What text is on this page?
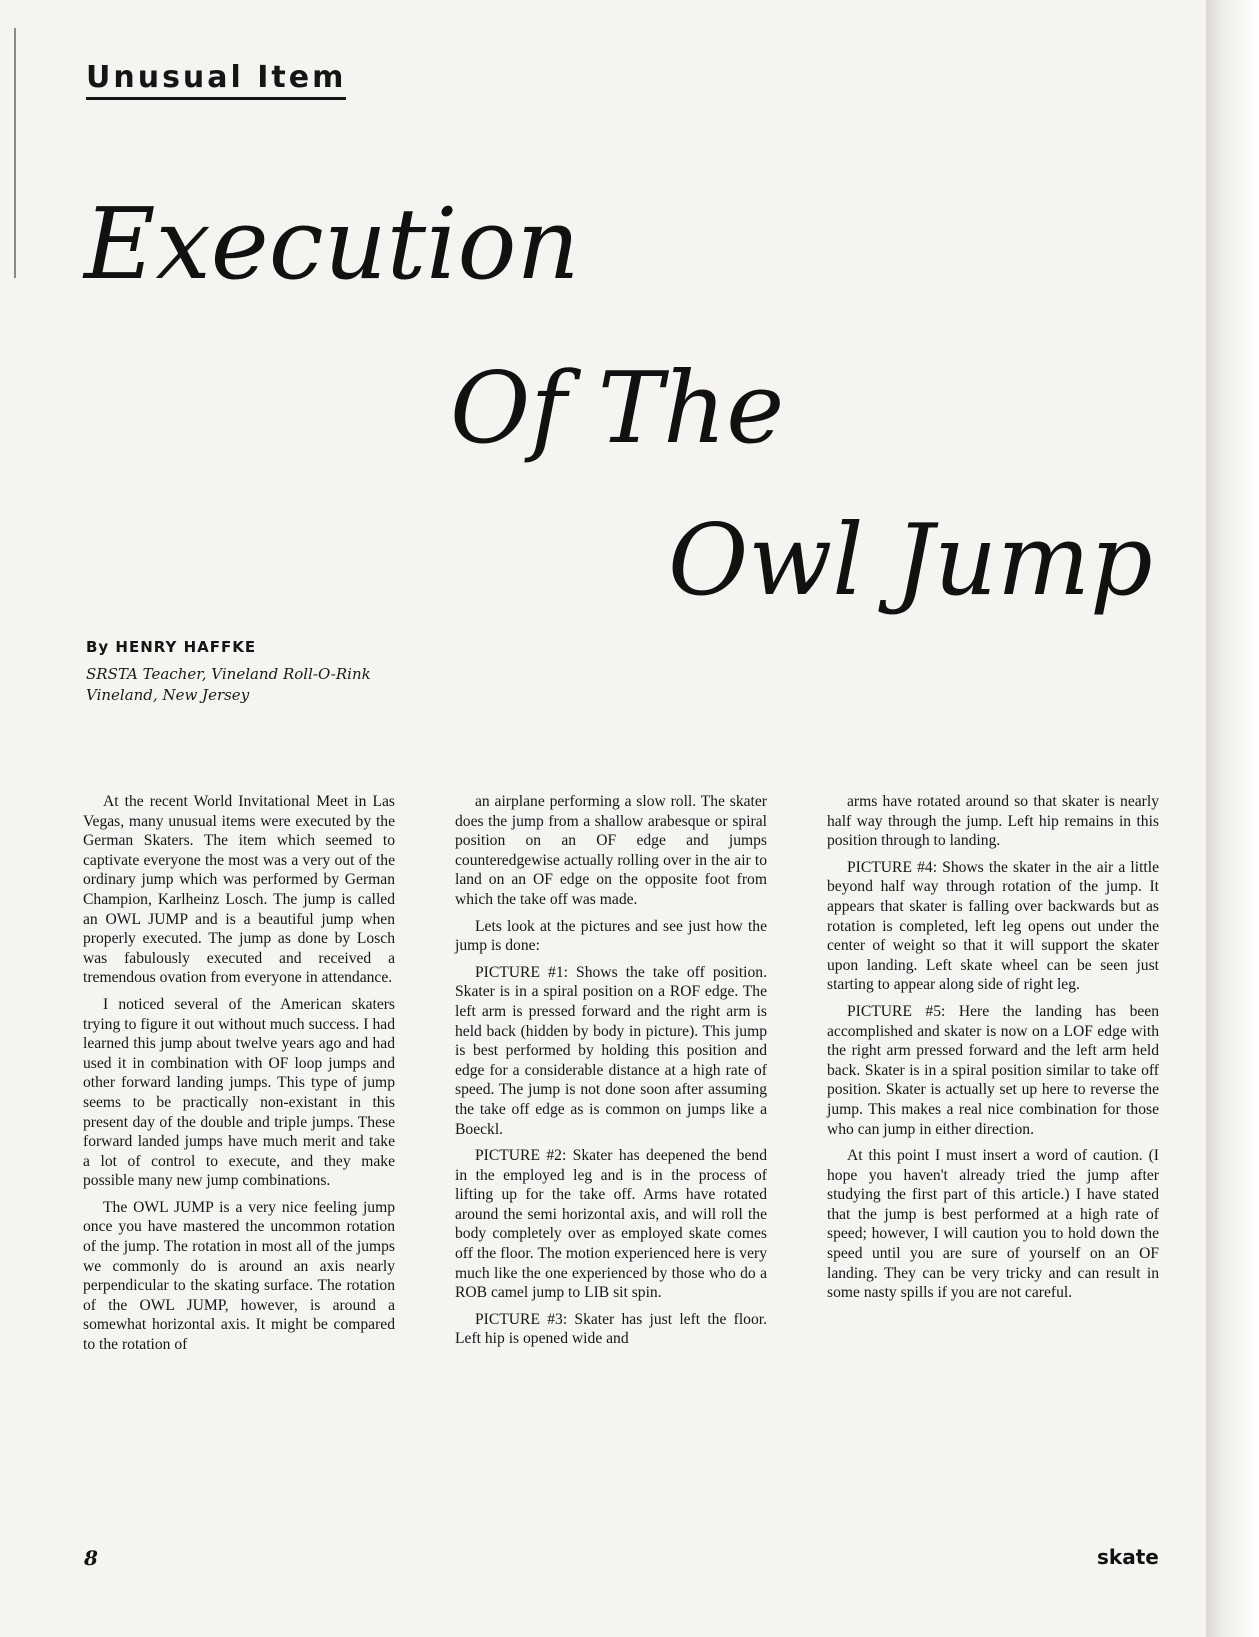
Unusual Item
Execution
Of The
Owl Jump
By HENRY HAFFKE
SRSTA Teacher, Vineland Roll-O-Rink
Vineland, New Jersey

At the recent World Invitational Meet in Las Vegas, many unusual items were executed by the German Skaters. The item which seemed to captivate everyone the most was a very out of the ordinary jump which was performed by German Champion, Karlheinz Losch. The jump is called an OWL JUMP and is a beautiful jump when properly executed. The jump as done by Losch was fabulously executed and received a tremendous ovation from everyone in attendance.

I noticed several of the American skaters trying to figure it out without much success. I had learned this jump about twelve years ago and had used it in combination with OF loop jumps and other forward landing jumps. This type of jump seems to be practically non-existant in this present day of the double and triple jumps. These forward landed jumps have much merit and take a lot of control to execute, and they make possible many new jump combinations.

The OWL JUMP is a very nice feeling jump once you have mastered the uncommon rotation of the jump. The rotation in most all of the jumps we commonly do is around an axis nearly perpendicular to the skating surface. The rotation of the OWL JUMP, however, is around a somewhat horizontal axis. It might be compared to the rotation of

an airplane performing a slow roll. The skater does the jump from a shallow arabesque or spiral position on an OF edge and jumps counteredgewise actually rolling over in the air to land on an OF edge on the opposite foot from which the take off was made.

Lets look at the pictures and see just how the jump is done:

PICTURE #1: Shows the take off position. Skater is in a spiral position on a ROF edge. The left arm is pressed forward and the right arm is held back (hidden by body in picture). This jump is best performed by holding this position and edge for a considerable distance at a high rate of speed. The jump is not done soon after assuming the take off edge as is common on jumps like a Boeckl.

PICTURE #2: Skater has deepened the bend in the employed leg and is in the process of lifting up for the take off. Arms have rotated around the semi horizontal axis, and will roll the body completely over as employed skate comes off the floor. The motion experienced here is very much like the one experienced by those who do a ROB camel jump to LIB sit spin.

PICTURE #3: Skater has just left the floor. Left hip is opened wide and

arms have rotated around so that skater is nearly half way through the jump. Left hip remains in this position through to landing.

PICTURE #4: Shows the skater in the air a little beyond half way through rotation of the jump. It appears that skater is falling over backwards but as rotation is completed, left leg opens out under the center of weight so that it will support the skater upon landing. Left skate wheel can be seen just starting to appear along side of right leg.

PICTURE #5: Here the landing has been accomplished and skater is now on a LOF edge with the right arm pressed forward and the left arm held back. Skater is in a spiral position similar to take off position. Skater is actually set up here to reverse the jump. This makes a real nice combination for those who can jump in either direction.

At this point I must insert a word of caution. (I hope you haven't already tried the jump after studying the first part of this article.) I have stated that the jump is best performed at a high rate of speed; however, I will caution you to hold down the speed until you are sure of yourself on an OF landing. They can be very tricky and can result in some nasty spills if you are not careful.

8	skate
